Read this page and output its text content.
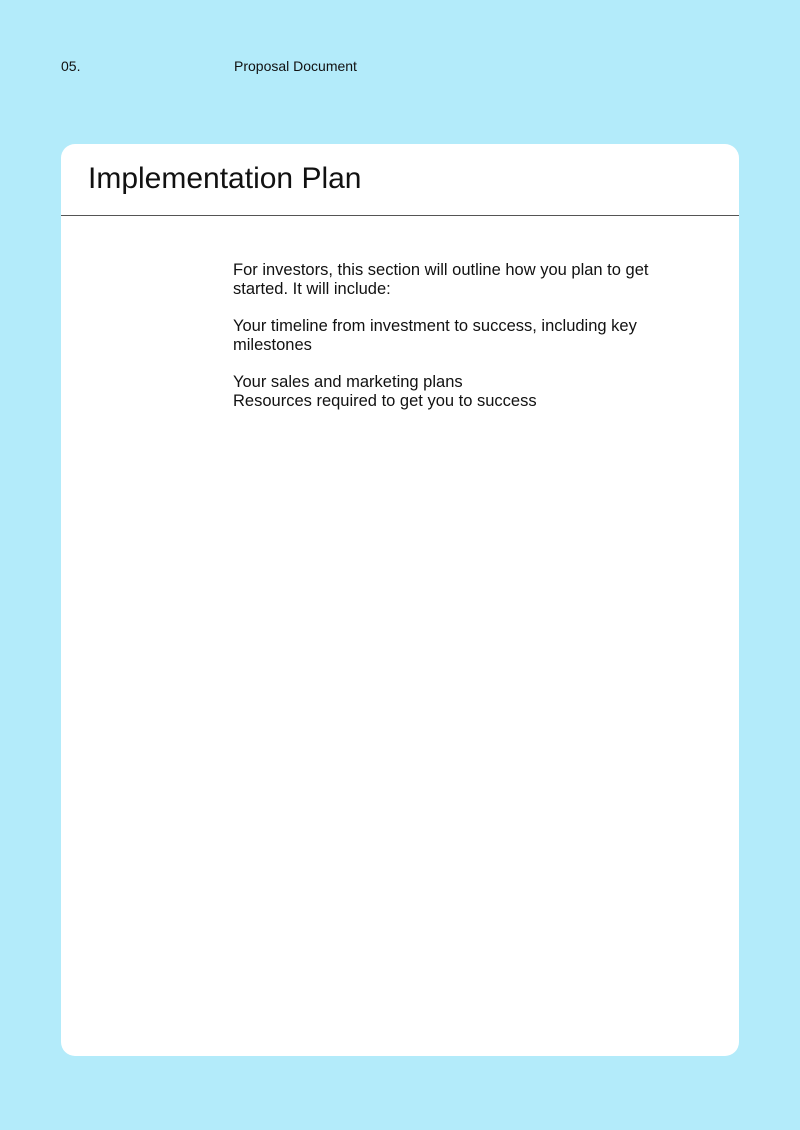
05.	Proposal Document
Implementation Plan

For investors, this section will outline how you plan to get started. It will include:

Your timeline from investment to success, including key milestones

Your sales and marketing plans

Resources required to get you to success
